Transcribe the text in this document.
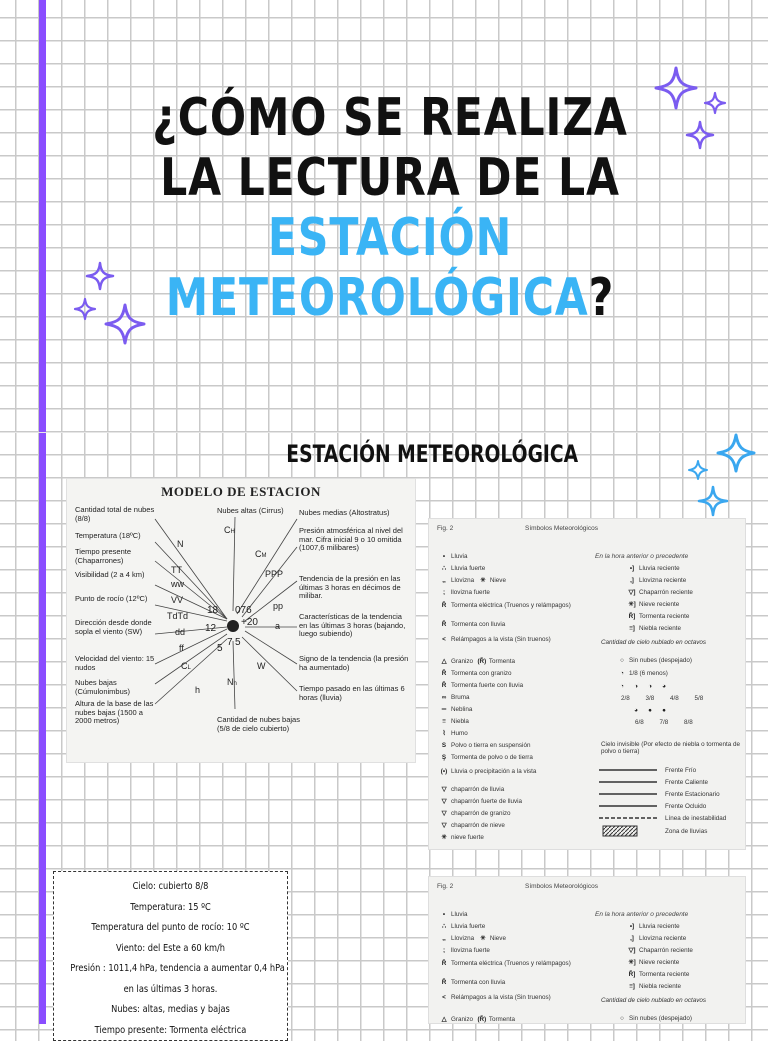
¿CÓMO SE REALIZA
LA LECTURA DE LA
ESTACIÓN
METEOROLÓGICA?
ESTACIÓN METEOROLÓGICA
CH
CM
N
TT
ww
VV
TdTd
dd
ff
CL
h
PPP
pp
a
W
Nh
18 076
+20
12
5
7 5
MODELO DE ESTACION
Nubes altas (Cirrus)
Cantidad total de nubes (8/8)
Temperatura (18ºC)
Tiempo presente (Chaparrones)
Visibilidad (2 a 4 km)
Punto de rocío (12ºC)
Dirección desde donde sopla el viento (SW)
Velocidad del viento: 15 nudos
Nubes bajas (Cúmulonimbus)
Altura de la base de las nubes bajas (1500 a 2000 metros)
Nubes medias (Altostratus)
Presión atmosférica al nivel del mar. Cifra inicial 9 o 10 omitida (1007,6 milibares)
Tendencia de la presión en las últimas 3 horas en décimos de milibar.
Características de la tendencia en las últimas 3 horas (bajando, luego subiendo)
Signo de la tendencia (la presión ha aumentado)
Tiempo pasado en las últimas 6 horas (lluvia)
Cantidad de nubes bajas (5/8 de cielo cubierto)
Fig. 2	Símbolos Meteorológicos
En la hora anterior o precedente
• Lluvia
∴ Lluvia fuerte
,, Llovizna ✳ Nieve
; llovizna fuerte
Ř Tormenta eléctrica (Truenos y relámpagos)
Ř Tormenta con lluvia
< Relámpagos a la vista (Sin truenos)
△ Granizo (Ř) Tormenta
Ř Tormenta con granizo
Ř Tormenta fuerte con lluvia
∞ Bruma
═ Neblina
≡ Niebla
⌇ Humo
S Polvo o tierra en suspensión
Ş Tormenta de polvo o de tierra
(•) Lluvia o precipitación a la vista
▽ chaparrón de lluvia
▽ chaparrón fuerte de lluvia
▽ chaparrón de granizo
▽ chaparrón de nieve
✳ nieve fuerte
•] Lluvia reciente
,] Llovizna reciente
▽] Chaparrón reciente
✳] Nieve reciente
Ř] Tormenta reciente
≡] Niebla reciente
Cantidad de cielo nublado en octavos
○ Sin nubes (despejado)
◔ 1/8 (6 menos)
◔ ◑ ◑ ◕
2/8	3/8	4/8	5/8
◕ ● ●
6/8	7/8	8/8
Cielo invisible (Por efecto de niebla o tormenta de polvo o tierra)
Frente Frío
Frente Caliente
Frente Estacionario
Frente Ocluido
Línea de inestabilidad
Zona de lluvias
Fig. 2	Símbolos Meteorológicos
En la hora anterior o precedente
• Lluvia
∴ Lluvia fuerte
,, Llovizna ✳ Nieve
; llovizna fuerte
Ř Tormenta eléctrica (Truenos y relámpagos)
Ř Tormenta con lluvia
< Relámpagos a la vista (Sin truenos)
△ Granizo (Ř) Tormenta
•] Lluvia reciente
,] Llovizna reciente
▽] Chaparrón reciente
✳] Nieve reciente
Ř] Tormenta reciente
≡] Niebla reciente
Cantidad de cielo nublado en octavos
○ Sin nubes (despejado)
Cielo: cubierto 8/8
Temperatura: 15 ºC
Temperatura del punto de rocío: 10 ºC
Viento: del Este a 60 km/h
Presión : 1011,4 hPa, tendencia a aumentar 0,4 hPa
en las últimas 3 horas.
Nubes: altas, medias y bajas
Tiempo presente: Tormenta eléctrica
